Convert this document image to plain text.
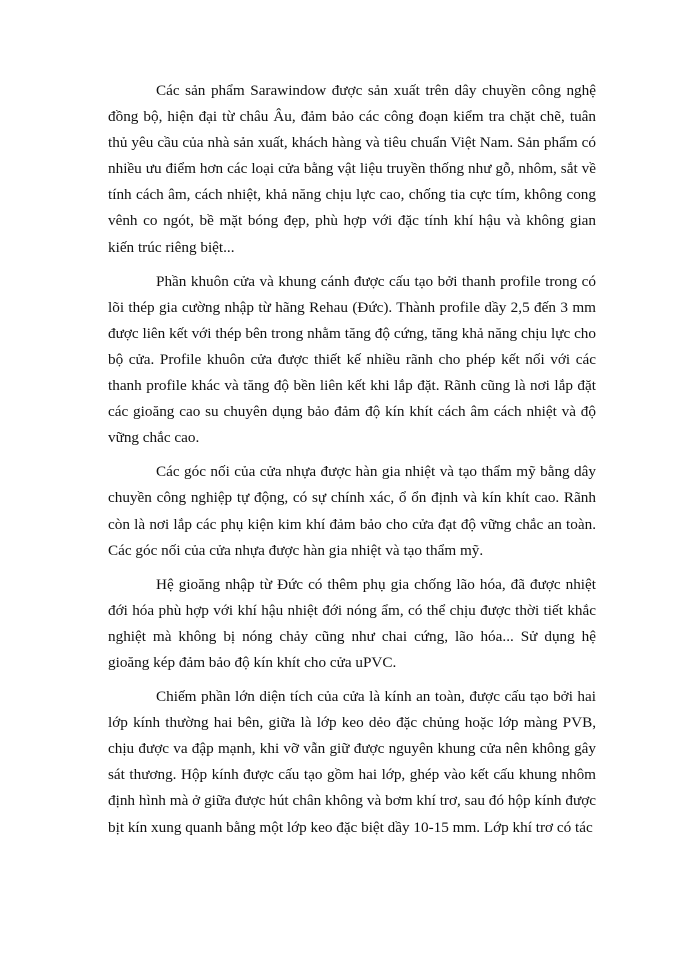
Các sản phẩm Sarawindow được sản xuất trên dây chuyền công nghệ đồng bộ, hiện đại từ châu Âu, đảm bảo các công đoạn kiểm tra chặt chẽ, tuân thủ yêu cầu của nhà sản xuất, khách hàng và tiêu chuẩn Việt Nam. Sản phẩm có nhiều ưu điểm hơn các loại cửa bằng vật liệu truyền thống như gỗ, nhôm, sắt về tính cách âm, cách nhiệt, khả năng chịu lực cao, chống tia cực tím, không cong vênh co ngót, bề mặt bóng đẹp, phù hợp với đặc tính khí hậu và không gian kiến trúc riêng biệt...

Phần khuôn cửa và khung cánh được cấu tạo bởi thanh profile trong có lõi thép gia cường nhập từ hãng Rehau (Đức). Thành profile dầy 2,5 đến 3 mm được liên kết với thép bên trong nhằm tăng độ cứng, tăng khả năng chịu lực cho bộ cửa. Profile khuôn cửa được thiết kế nhiều rãnh cho phép kết nối với các thanh profile khác và tăng độ bền liên kết khi lắp đặt. Rãnh cũng là nơi lắp đặt các gioăng cao su chuyên dụng bảo đảm độ kín khít cách âm cách nhiệt và độ vững chắc cao.

Các góc nối của cửa nhựa được hàn gia nhiệt và tạo thẩm mỹ bằng dây chuyền công nghiệp tự động, có sự chính xác, ổ ổn định và kín khít cao. Rãnh còn là nơi lắp các phụ kiện kim khí đảm bảo cho cửa đạt độ vững chắc an toàn. Các góc nối của cửa nhựa được hàn gia nhiệt và tạo thẩm mỹ.

Hệ gioăng nhập từ Đức có thêm phụ gia chống lão hóa, đã được nhiệt đới hóa phù hợp với khí hậu nhiệt đới nóng ẩm, có thể chịu được thời tiết khắc nghiệt mà không bị nóng chảy cũng như chai cứng, lão hóa... Sử dụng hệ gioăng kép đảm bảo độ kín khít cho cửa uPVC.

Chiếm phần lớn diện tích của cửa là kính an toàn, được cấu tạo bởi hai lớp kính thường hai bên, giữa là lớp keo dẻo đặc chủng hoặc lớp màng PVB, chịu được va đập mạnh, khi vỡ vẫn giữ được nguyên khung cửa nên không gây sát thương. Hộp kính được cấu tạo gồm hai lớp, ghép vào kết cấu khung nhôm định hình mà ở giữa được hút chân không và bơm khí trơ, sau đó hộp kính được bịt kín xung quanh bằng một lớp keo đặc biệt dầy 10-15 mm. Lớp khí trơ có tác
